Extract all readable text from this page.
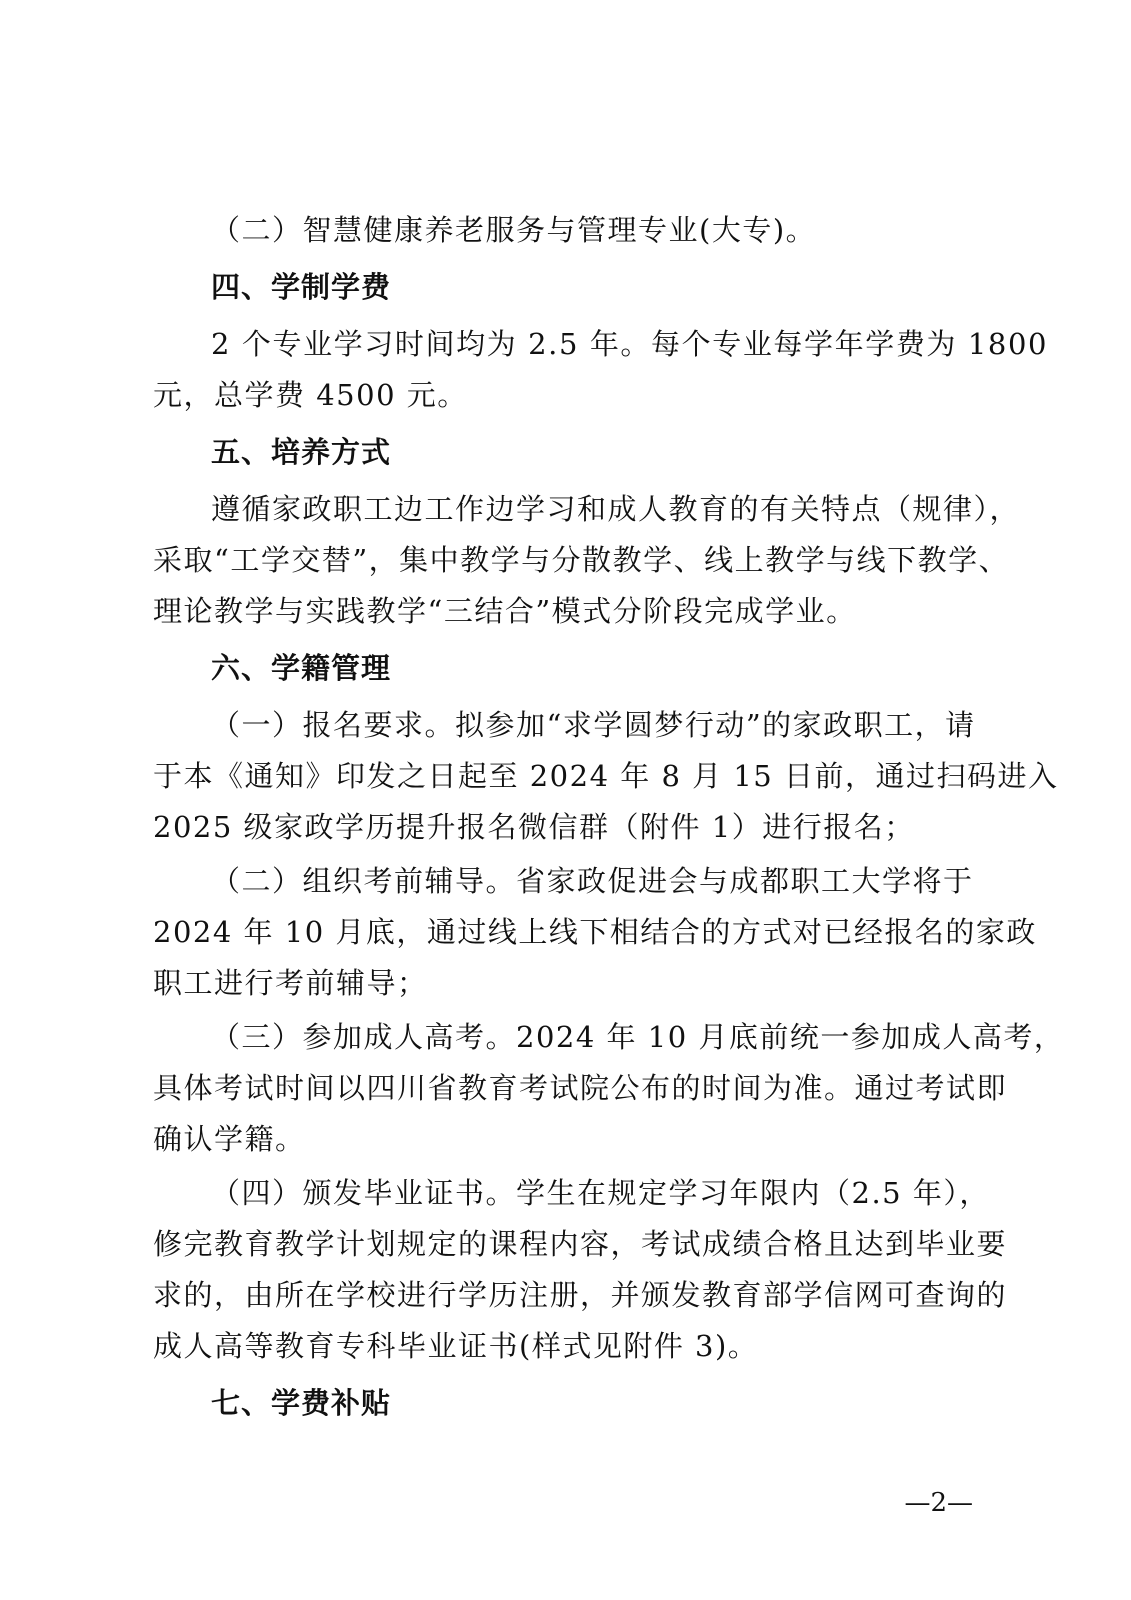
（二）智慧健康养老服务与管理专业(大专)。
四、学制学费
2 个专业学习时间均为 2.5 年。每个专业每学年学费为 1800
元，总学费 4500 元。
五、培养方式
遵循家政职工边工作边学习和成人教育的有关特点（规律），
采取“工学交替”，集中教学与分散教学、线上教学与线下教学、
理论教学与实践教学“三结合”模式分阶段完成学业。
六、学籍管理
（一）报名要求。拟参加“求学圆梦行动”的家政职工，请
于本《通知》印发之日起至 2024 年 8 月 15 日前，通过扫码进入
2025 级家政学历提升报名微信群（附件 1）进行报名；
（二）组织考前辅导。省家政促进会与成都职工大学将于
2024 年 10 月底，通过线上线下相结合的方式对已经报名的家政
职工进行考前辅导；
（三）参加成人高考。2024 年 10 月底前统一参加成人高考，
具体考试时间以四川省教育考试院公布的时间为准。通过考试即
确认学籍。
（四）颁发毕业证书。学生在规定学习年限内（2.5 年），
修完教育教学计划规定的课程内容，考试成绩合格且达到毕业要
求的，由所在学校进行学历注册，并颁发教育部学信网可查询的
成人高等教育专科毕业证书(样式见附件 3)。
七、学费补贴
—2—
